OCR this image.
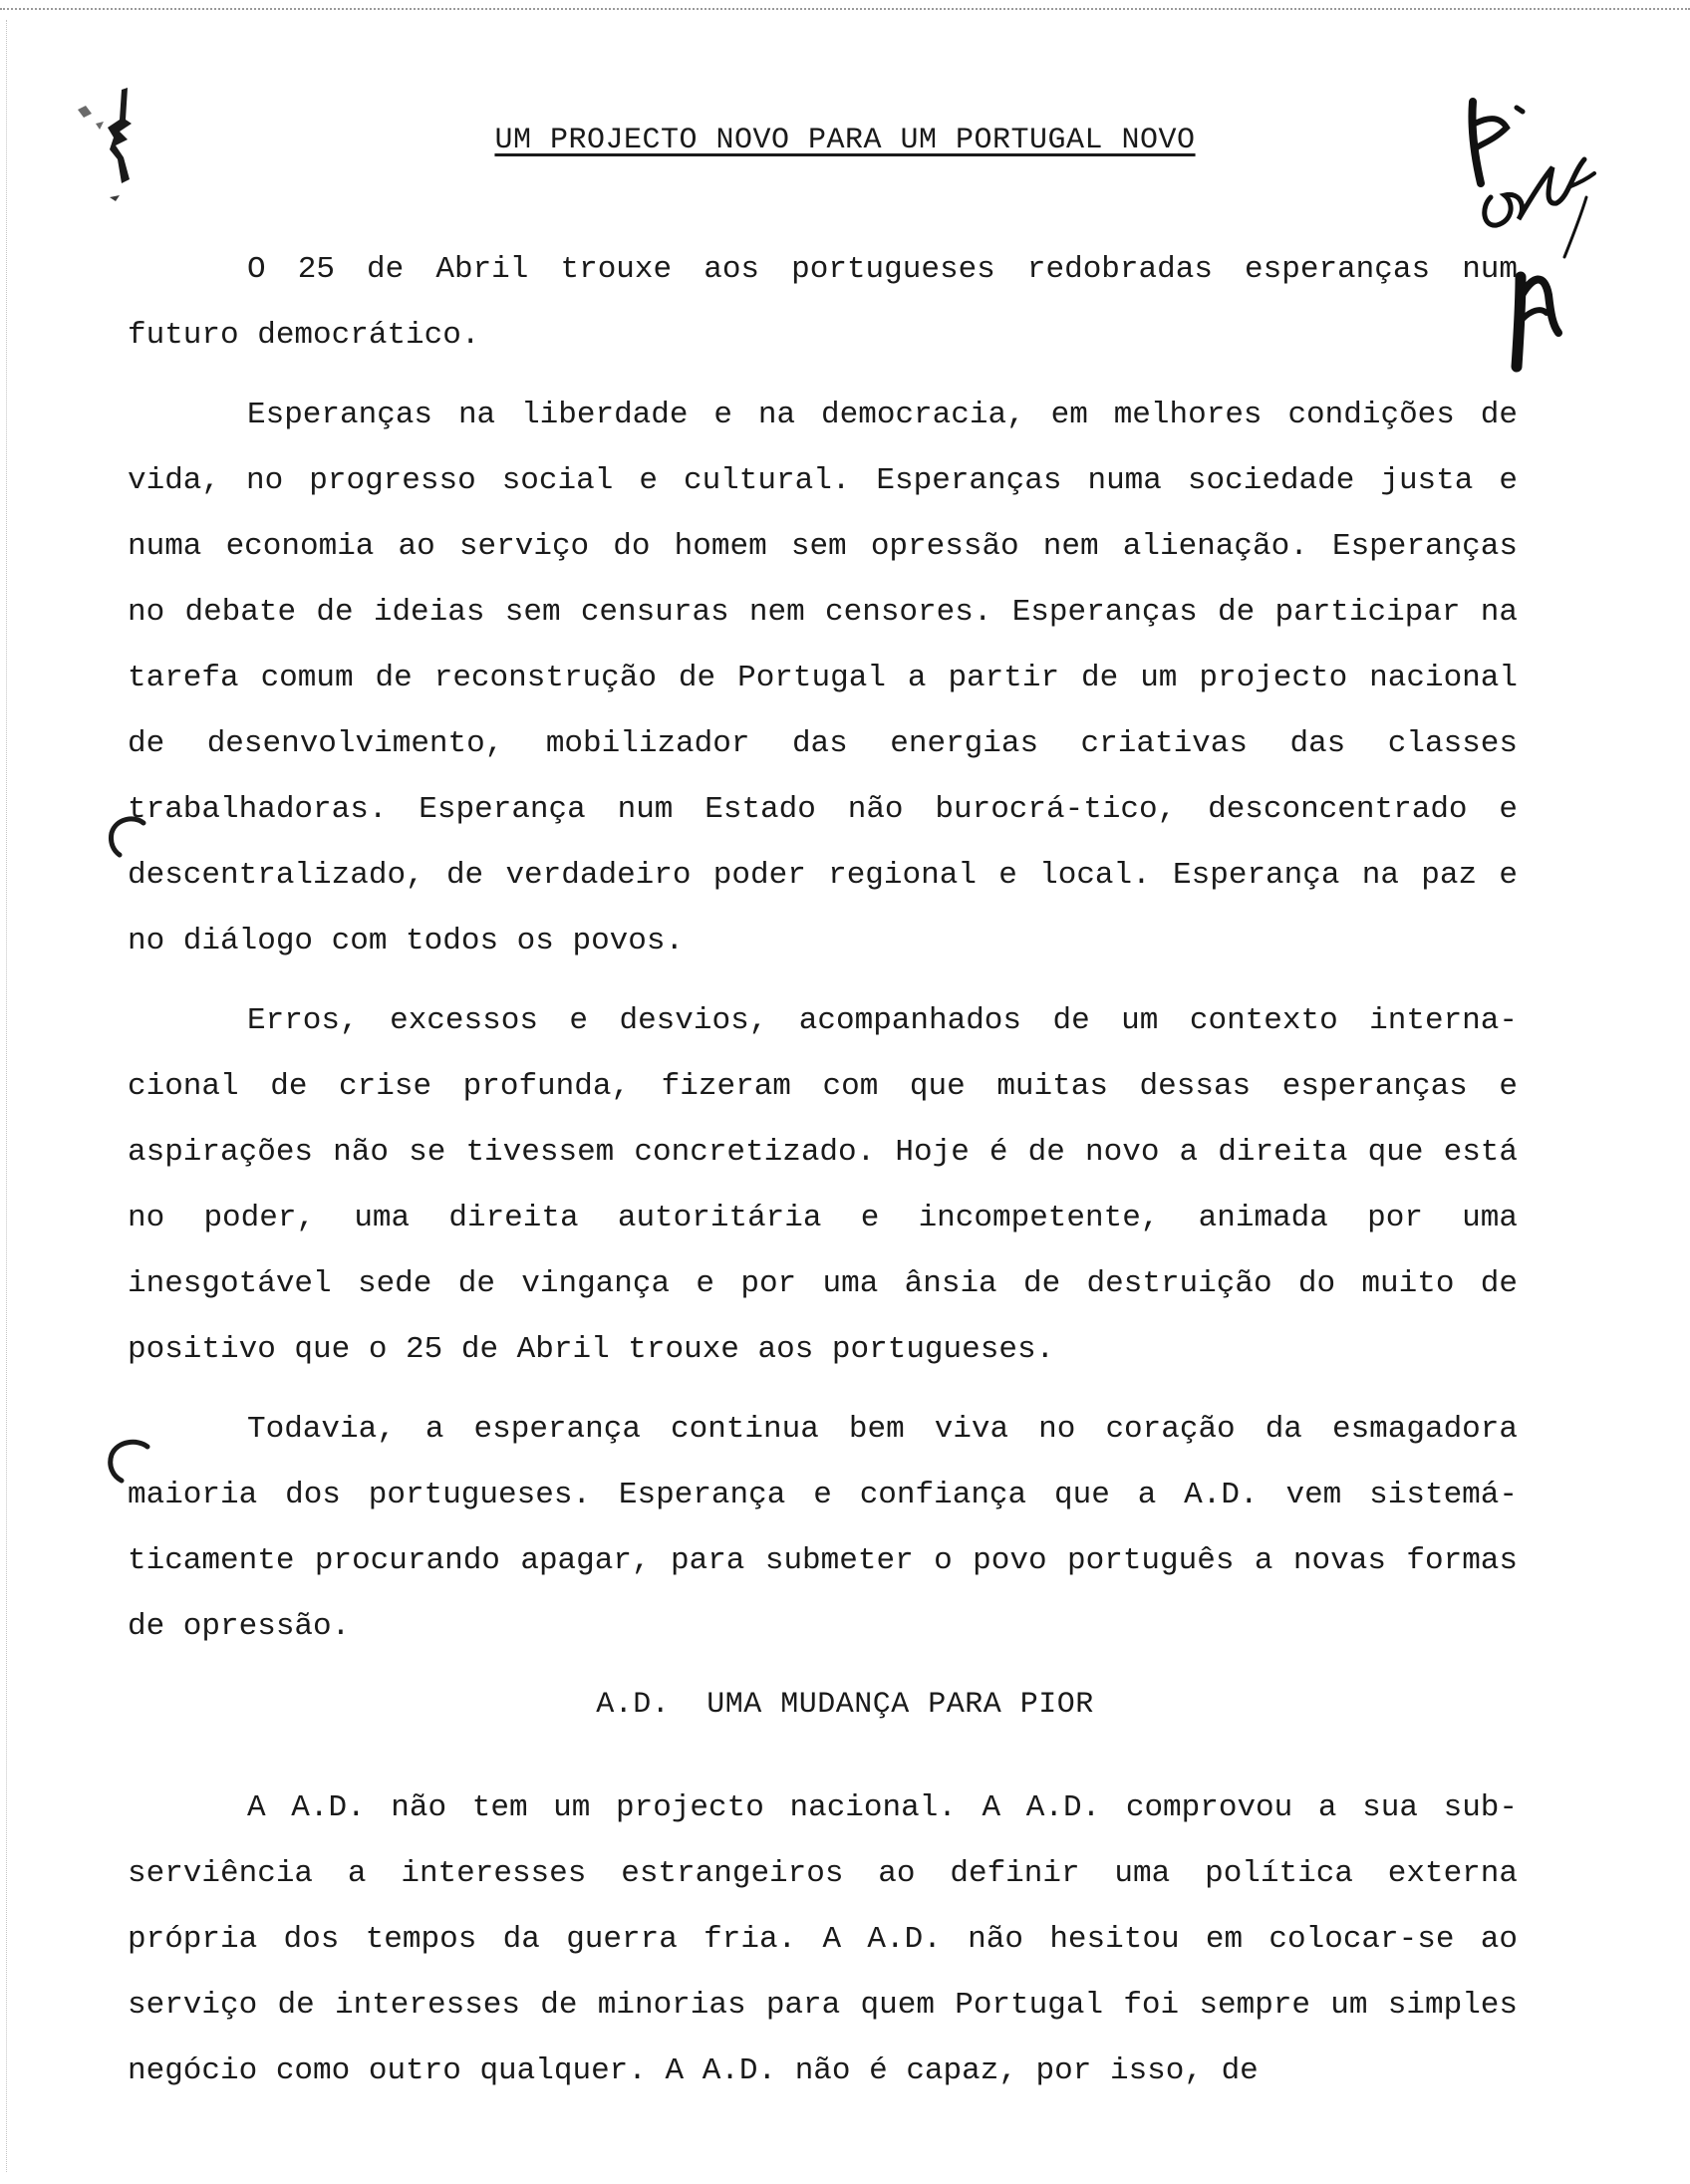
UM PROJECTO NOVO PARA UM PORTUGAL NOVO

O 25 de Abril trouxe aos portugueses redobradas esperanças num futuro democrático.

Esperanças na liberdade e na democracia, em melhores condições de vida, no progresso social e cultural. Esperanças numa sociedade justa e numa economia ao serviço do homem sem opressão nem alienação. Esperanças no debate de ideias sem censuras nem censores. Esperanças de participar na tarefa comum de reconstrução de Portugal a partir de um projecto nacional de desenvolvimento, mobilizador das energias criativas das classes trabalhadoras. Esperança num Estado não burocrá-tico, desconcentrado e descentralizado, de verdadeiro poder regional e local. Esperança na paz e no diálogo com todos os povos.

Erros, excessos e desvios, acompanhados de um contexto interna-cional de crise profunda, fizeram com que muitas dessas esperanças e aspirações não se tivessem concretizado. Hoje é de novo a direita que está no poder, uma direita autoritária e incompetente, animada por uma inesgotável sede de vingança e por uma ânsia de destruição do muito de positivo que o 25 de Abril trouxe aos portugueses.

Todavia, a esperança continua bem viva no coração da esmagadora maioria dos portugueses. Esperança e confiança que a A.D. vem sistemá-ticamente procurando apagar, para submeter o povo português a novas formas de opressão.

A.D.  UMA MUDANÇA PARA PIOR

A A.D. não tem um projecto nacional. A A.D. comprovou a sua sub-serviência a interesses estrangeiros ao definir uma política externa própria dos tempos da guerra fria. A A.D. não hesitou em colocar-se ao serviço de interesses de minorias para quem Portugal foi sempre um simples negócio como outro qualquer. A A.D. não é capaz, por isso, de
